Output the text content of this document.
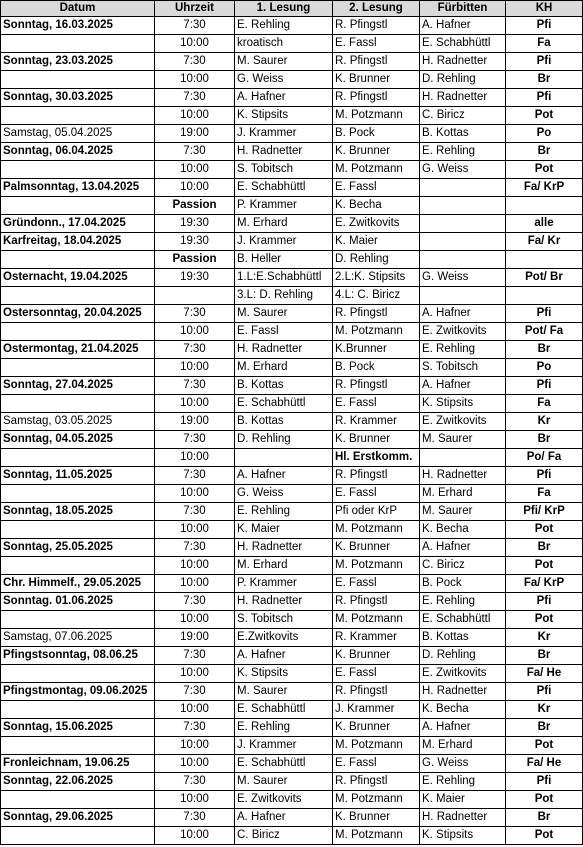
Datum	Uhrzeit	1. Lesung	2. Lesung	Fürbitten	KH
Sonntag, 16.03.2025	7:30	E. Rehling	R. Pfingstl	A. Hafner	Pfi
	10:00	kroatisch	E. Fassl	E. Schabhüttl	Fa
Sonntag, 23.03.2025	7:30	M. Saurer	R. Pfingstl	H. Radnetter	Pfi
	10:00	G. Weiss	K. Brunner	D. Rehling	Br
Sonntag, 30.03.2025	7:30	A. Hafner	R. Pfingstl	H. Radnetter	Pfi
	10:00	K. Stipsits	M. Potzmann	C. Biricz	Pot
Samstag, 05.04.2025	19:00	J. Krammer	B. Pock	B. Kottas	Po
Sonntag, 06.04.2025	7:30	H. Radnetter	K. Brunner	E. Rehling	Br
	10:00	S. Tobitsch	M. Potzmann	G. Weiss	Pot
Palmsonntag, 13.04.2025	10:00	E. Schabhüttl	E. Fassl		Fa/ KrP
	Passion	P. Krammer	K. Becha		
Gründonn., 17.04.2025	19:30	M. Erhard	E. Zwitkovits		alle
Karfreitag, 18.04.2025	19:30	J. Krammer	K. Maier		Fa/ Kr
	Passion	B. Heller	D. Rehling		
Osternacht, 19.04.2025	19:30	1.L:E.Schabhüttl	2.L:K. Stipsits	G. Weiss	Pot/ Br
		3.L: D. Rehling	4.L: C. Biricz		
Ostersonntag, 20.04.2025	7:30	M. Saurer	R. Pfingstl	A. Hafner	Pfi
	10:00	E. Fassl	M. Potzmann	E. Zwitkovits	Pot/ Fa
Ostermontag, 21.04.2025	7:30	H. Radnetter	K.Brunner	E. Rehling	Br
	10:00	M. Erhard	B. Pock	S. Tobitsch	Po
Sonntag, 27.04.2025	7:30	B. Kottas	R. Pfingstl	A. Hafner	Pfi
	10:00	E. Schabhüttl	E. Fassl	K. Stipsits	Fa
Samstag, 03.05.2025	19:00	B. Kottas	R. Krammer	E. Zwitkovits	Kr
Sonntag, 04.05.2025	7:30	D. Rehling	K. Brunner	M. Saurer	Br
	10:00		Hl. Erstkomm.		Po/ Fa
Sonntag, 11.05.2025	7:30	A. Hafner	R. Pfingstl	H. Radnetter	Pfi
	10:00	G. Weiss	E. Fassl	M. Erhard	Fa
Sonntag, 18.05.2025	7:30	E. Rehling	Pfi oder KrP	M. Saurer	Pfi/ KrP
	10:00	K. Maier	M. Potzmann	K. Becha	Pot
Sonntag, 25.05.2025	7:30	H. Radnetter	K. Brunner	A. Hafner	Br
	10:00	M. Erhard	M. Potzmann	C. Biricz	Pot
Chr. Himmelf., 29.05.2025	10:00	P. Krammer	E. Fassl	B. Pock	Fa/ KrP
Sonntag. 01.06.2025	7:30	H. Radnetter	R. Pfingstl	E. Rehling	Pfi
	10:00	S. Tobitsch	M. Potzmann	E. Schabhüttl	Pot
Samstag, 07.06.2025	19:00	E.Zwitkovits	R. Krammer	B. Kottas	Kr
Pfingstsonntag, 08.06.25	7:30	A. Hafner	K. Brunner	D. Rehling	Br
	10:00	K. Stipsits	E. Fassl	E. Zwitkovits	Fa/ He
Pfingstmontag, 09.06.2025	7:30	M. Saurer	R. Pfingstl	H. Radnetter	Pfi
	10:00	E. Schabhüttl	J. Krammer	K. Becha	Kr
Sonntag, 15.06.2025	7:30	E. Rehling	K. Brunner	A. Hafner	Br
	10:00	J. Krammer	M. Potzmann	M. Erhard	Pot
Fronleichnam, 19.06.25	10:00	E. Schabhüttl	E. Fassl	G. Weiss	Fa/ He
Sonntag, 22.06.2025	7:30	M. Saurer	R. Pfingstl	E. Rehling	Pfi
	10:00	E. Zwitkovits	M. Potzmann	K. Maier	Pot
Sonntag, 29.06.2025	7:30	A. Hafner	K. Brunner	H. Radnetter	Br
	10:00	C. Biricz	M. Potzmann	K. Stipsits	Pot
